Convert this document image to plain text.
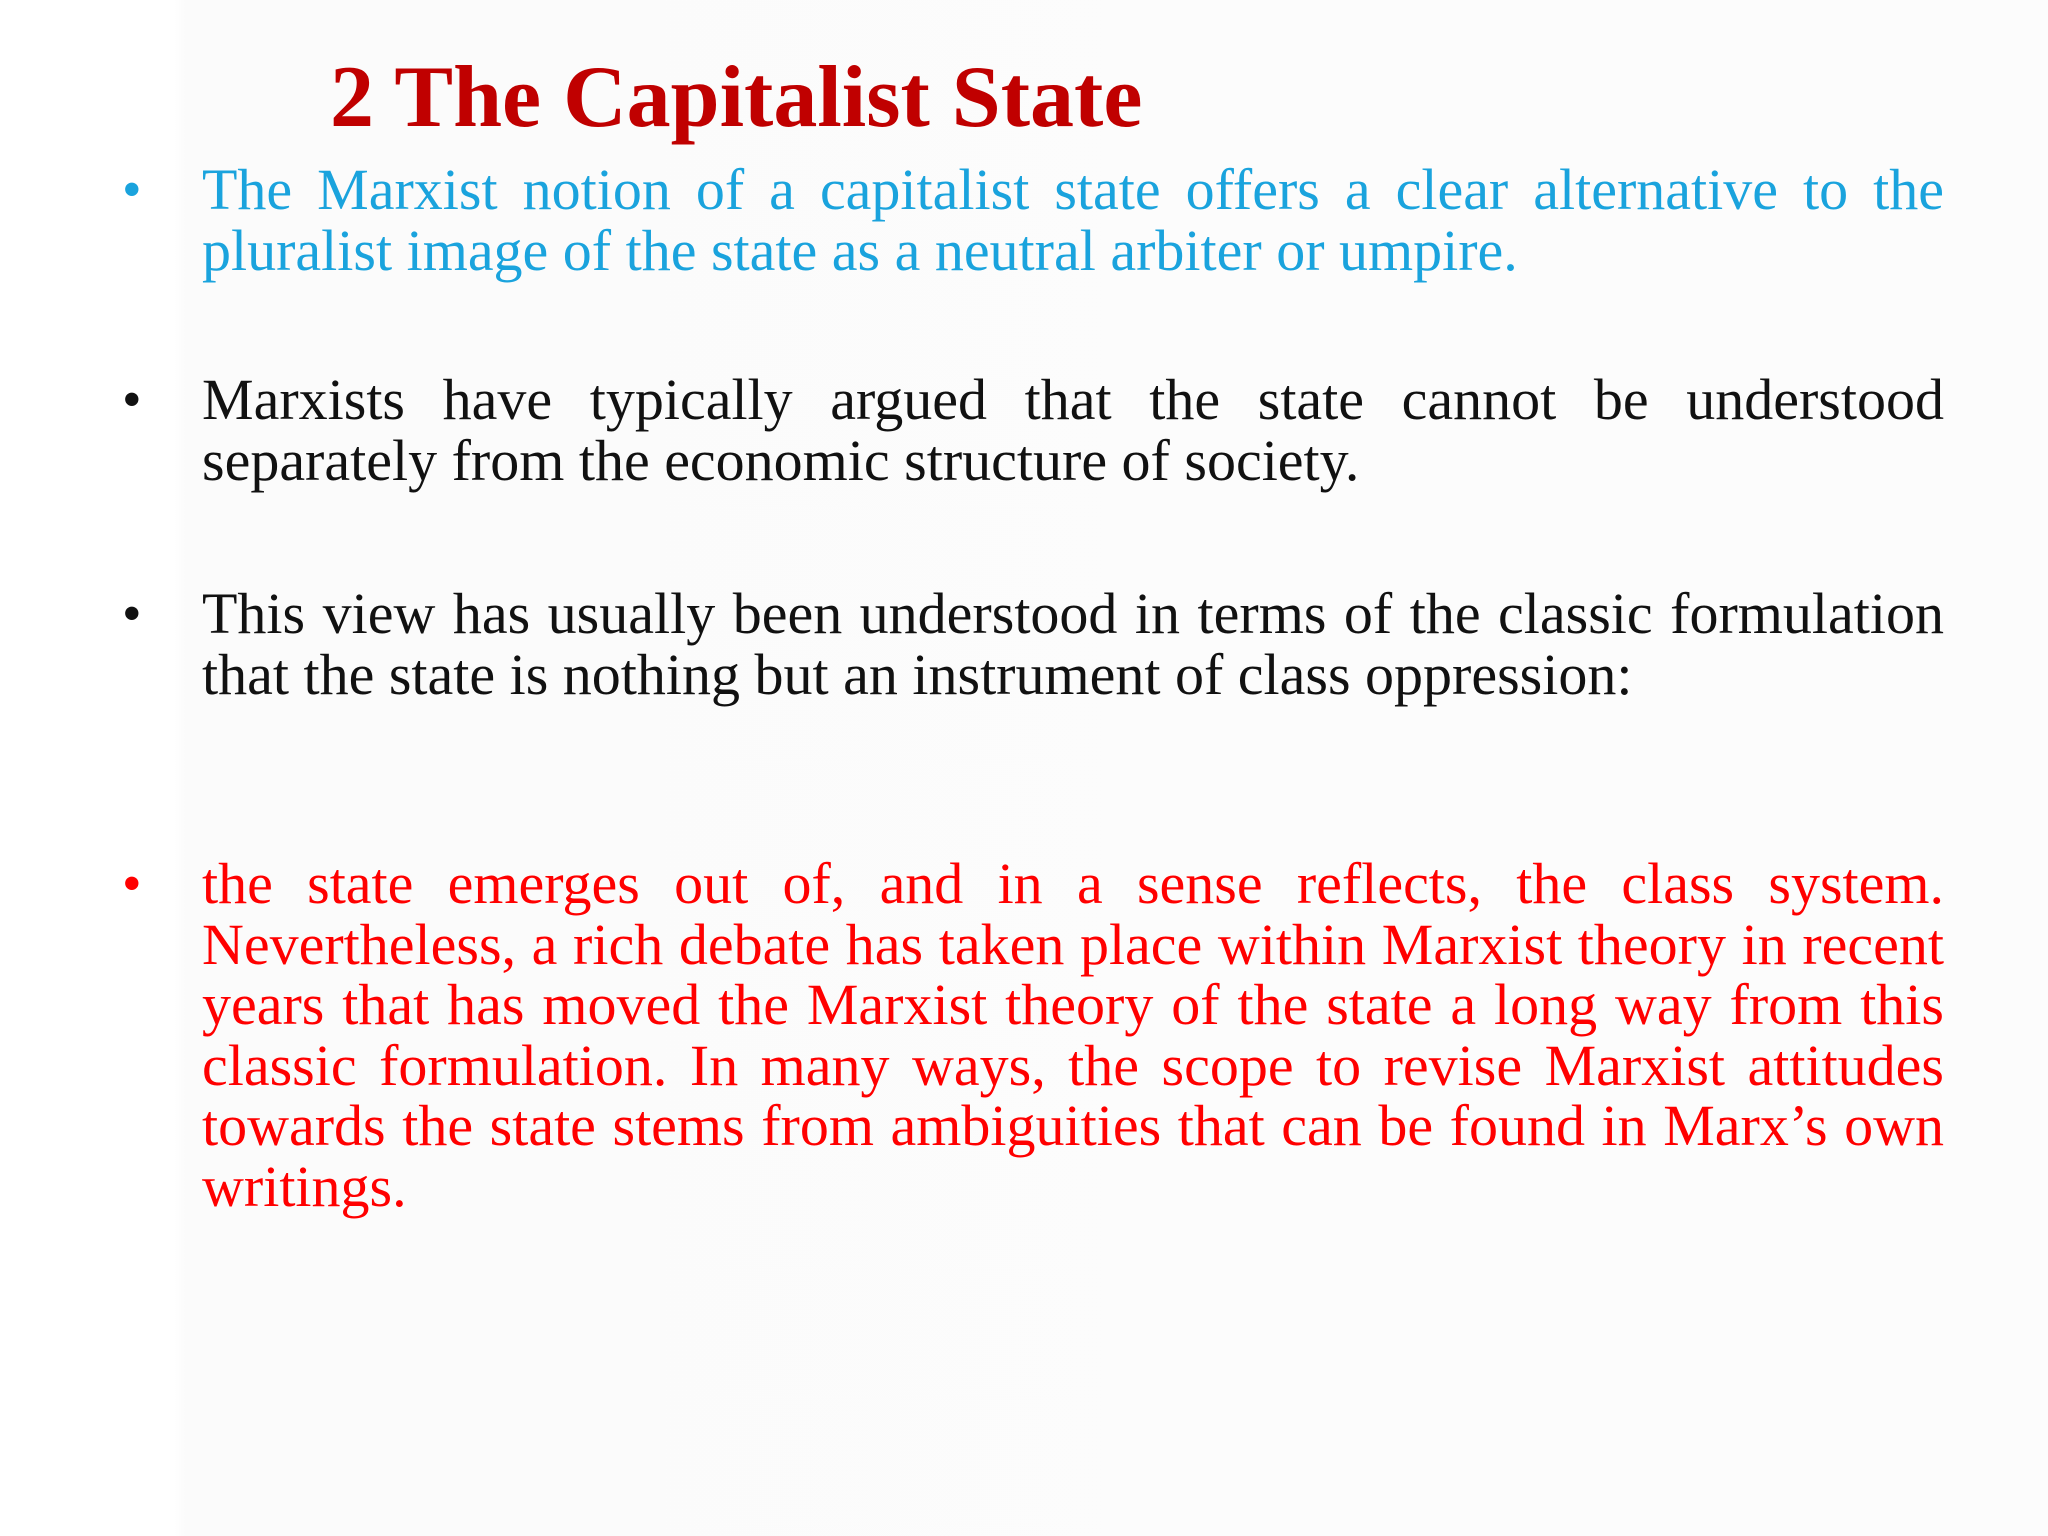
2 The Capitalist State
• The Marxist notion of a capitalist state offers a clear alternative to the pluralist image of the state as a neutral arbiter or umpire.

• Marxists have typically argued that the state cannot be understood separately from the economic structure of society.

• This view has usually been understood in terms of the classic formulation that the state is nothing but an instrument of class oppression:

• the state emerges out of, and in a sense reflects, the class system. Nevertheless, a rich debate has taken place within Marxist theory in recent years that has moved the Marxist theory of the state a long way from this classic formulation. In many ways, the scope to revise Marxist attitudes towards the state stems from ambiguities that can be found in Marx’s own writings.
